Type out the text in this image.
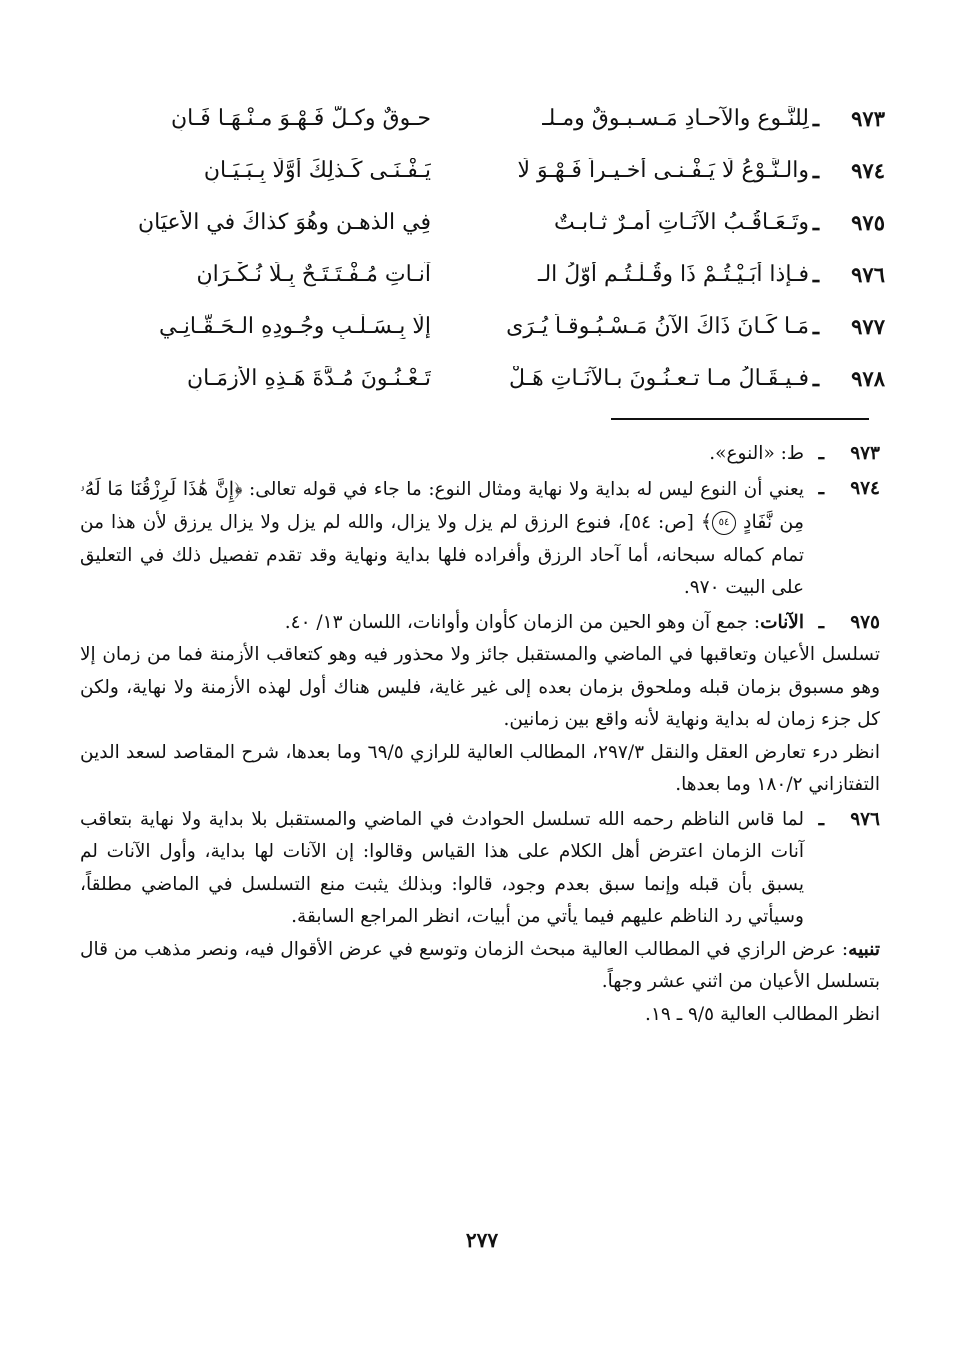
٩٧٣
ـ
لِلنَّـوعِ والآحـادِ مَـسـبـوقٌ ومـلـ
حـوقٌ وكـلٌّ فَـهْـوَ مـنْـهَـا فَـانِ
٩٧٤
ـ
والـنَّـوْعُ لَا يَـفْـنـى أخـيـراً فَـهْـوَ لَا
يَـفْـنَـى كَـذلِكَ أوَّلًا بِـبَـيَـانِ
٩٧٥
ـ
وتَـعَـاقُـبُ الآنَـاتِ أمـرٌ ثـابـتٌ
فِي الذهـنِ وهُوَ كذاكَ في الأعيَانِ
٩٧٦
ـ
فـإذا أبَـيْـتُـمْ ذَا وقُـلْـتُـم أوّلُ الـ
آنـاتِ مُـفْـتَـتَـحٌ بِـلَا نُـكْـرَانِ
٩٧٧
ـ
مَـا كَـانَ ذَاكَ الآنُ مَـسْـبُـوقـاً يُـرَى
إلّا بِـسَـلْـبِ وجُـودِهِ الـحَـقّـانِـي
٩٧٨
ـ
فـيـقَـالُ مـا تـعـنُـونَ بـالآنَـاتِ هَـلْ
تَـعْـنُـونَ مُـدَّةَ هَـذِهِ الأزمَـانِ
٩٧٣
ـ
ط: «النوع».
٩٧٤
ـ
يعني أن النوع ليس له بداية ولا نهاية ومثال النوع: ما جاء في قوله تعالى: ﴿إِنَّ هَٰذَا لَرِزْقُنَا مَا لَهُۥ مِن نَّفَادٍ ٥٤﴾ [ص: ٥٤]، فنوع الرزق لم يزل ولا يزال، والله لم يزل ولا يزال يرزق لأن هذا من تمام كماله سبحانه، أما آحاد الرزق وأفراده فلها بداية ونهاية وقد تقدم تفصيل ذلك في التعليق على البيت ٩٧٠.
٩٧٥
ـ
الآنات: جمع آن وهو الحين من الزمان كأوان وأوانات، اللسان ١٣/ ٤٠.

تسلسل الأعيان وتعاقبها في الماضي والمستقبل جائز ولا محذور فيه وهو كتعاقب الأزمنة فما من زمان إلا وهو مسبوق بزمان قبله وملحوق بزمان بعده إلى غير غاية، فليس هناك أول لهذه الأزمنة ولا نهاية، ولكن كل جزء زمان له بداية ونهاية لأنه واقع بين زمانين.

انظر درء تعارض العقل والنقل ٢٩٧/٣، المطالب العالية للرازي ٦٩/٥ وما بعدها، شرح المقاصد لسعد الدين التفتازاني ١٨٠/٢ وما بعدها.

٩٧٦
ـ
لما قاس الناظم رحمه الله تسلسل الحوادث في الماضي والمستقبل بلا بداية ولا نهاية بتعاقب آنات الزمان اعترض أهل الكلام على هذا القياس وقالوا: إن الآنات لها بداية، وأول الآنات لم يسبق بأن قبله وإنما سبق بعدم وجود، قالوا: وبذلك يثبت منع التسلسل في الماضي مطلقاً، وسيأتي رد الناظم عليهم فيما يأتي من أبيات، انظر المراجع السابقة.

تنبيه: عرض الرازي في المطالب العالية مبحث الزمان وتوسع في عرض الأقوال فيه، ونصر مذهب من قال بتسلسل الأعيان من اثني عشر وجهاً.

انظر المطالب العالية ٩/٥ ـ ١٩.

٢٧٧
